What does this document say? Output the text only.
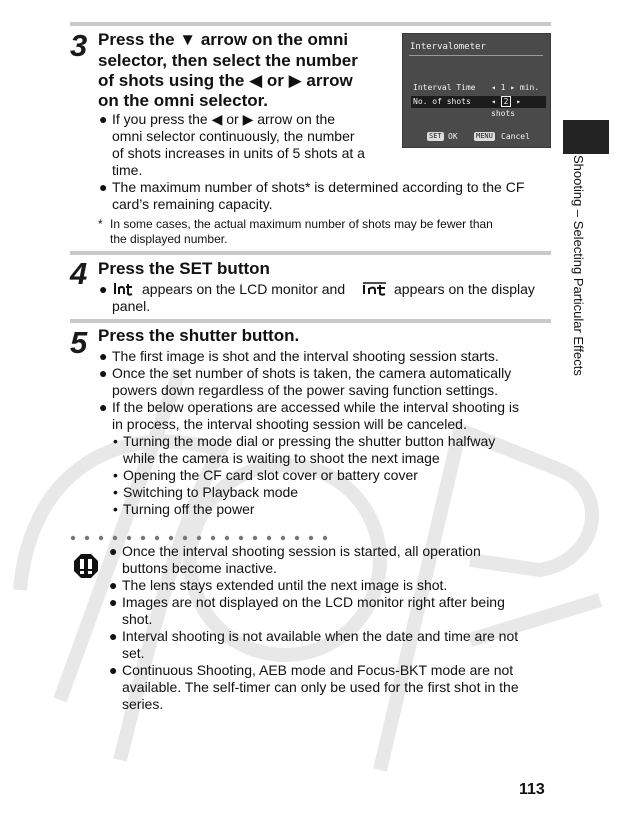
3 Press the ▼ arrow on the omni
selector, then select the number
of shots using the ◀ or ▶ arrow
on the omni selector.
● If you press the ◀ or ▶ arrow on the
omni selector continuously, the number
of shots increases in units of 5 shots at a
time.
● The maximum number of shots* is determined according to the CF
card’s remaining capacity.
* In some cases, the actual maximum number of shots may be fewer than
the displayed number.
Intervalometer
Interval Time ◂ 1 ▸ min.
No. of shots	◂ 2 ▸ shots
SET OK	MENU Cancel
4 Press the SET button
● appears on the LCD monitor and	appears on the display
panel.
5 Press the shutter button.
● The first image is shot and the interval shooting session starts.
● Once the set number of shots is taken, the camera automatically
powers down regardless of the power saving function settings.
● If the below operations are accessed while the interval shooting is
in process, the interval shooting session will be canceled.
• Turning the mode dial or pressing the shutter button halfway
while the camera is waiting to shoot the next image
• Opening the CF card slot cover or battery cover
• Switching to Playback mode
• Turning off the power
● Once the interval shooting session is started, all operation
buttons become inactive.
● The lens stays extended until the next image is shot.
● Images are not displayed on the LCD monitor right after being
shot.
● Interval shooting is not available when the date and time are not
set.
● Continuous Shooting, AEB mode and Focus-BKT mode are not
available. The self-timer can only be used for the first shot in the
series.
Shooting – Selecting Particular Effects
113
